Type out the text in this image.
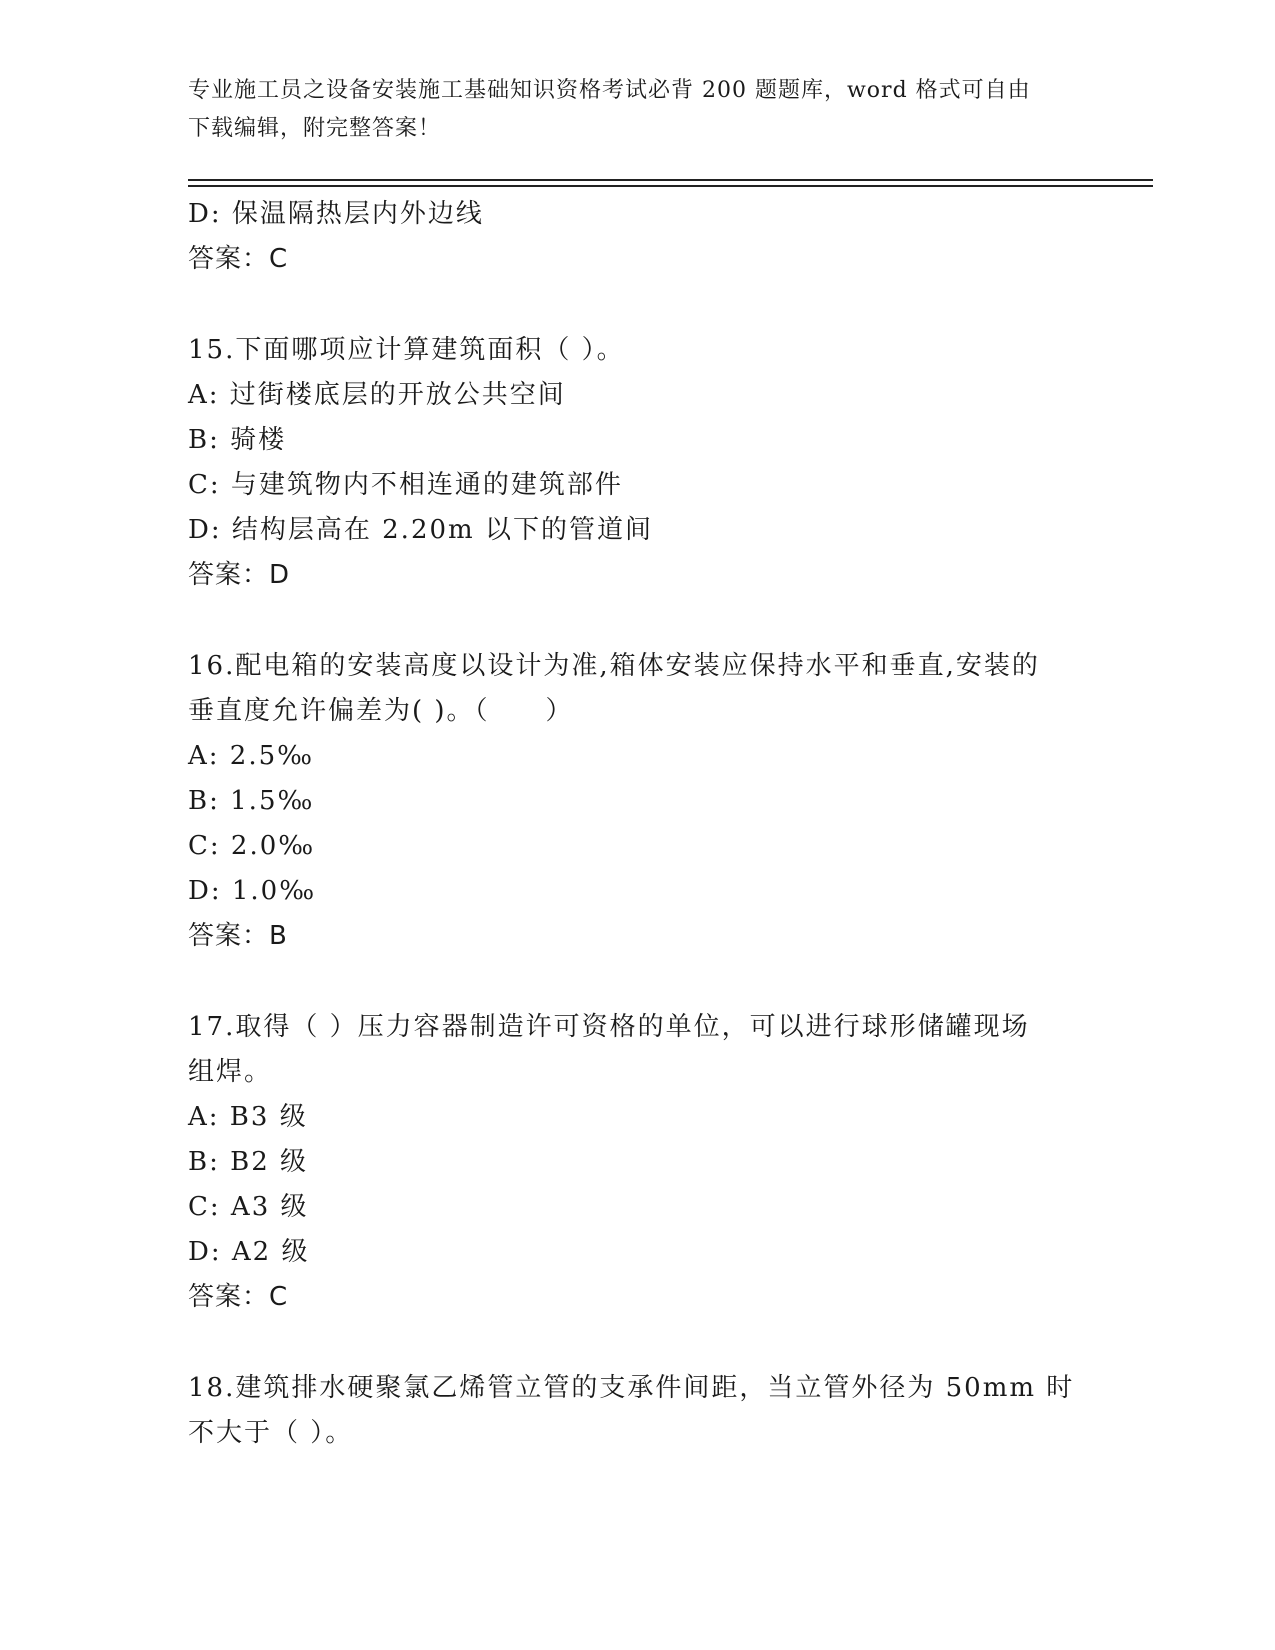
专业施工员之设备安装施工基础知识资格考试必背 200 题题库，word 格式可自由
下载编辑，附完整答案！
D: 保温隔热层内外边线
答案：C
15.下面哪项应计算建筑面积（ ）。
A: 过街楼底层的开放公共空间
B: 骑楼
C: 与建筑物内不相连通的建筑部件
D: 结构层高在 2.20m 以下的管道间
答案：D
16.配电箱的安装高度以设计为准,箱体安装应保持水平和垂直,安装的
垂直度允许偏差为( )。（　　）
A: 2.5‰
B: 1.5‰
C: 2.0‰
D: 1.0‰
答案：B
17.取得（ ）压力容器制造许可资格的单位，可以进行球形储罐现场
组焊。
A: B3 级
B: B2 级
C: A3 级
D: A2 级
答案：C
18.建筑排水硬聚氯乙烯管立管的支承件间距，当立管外径为 50mm 时
不大于（ ）。
